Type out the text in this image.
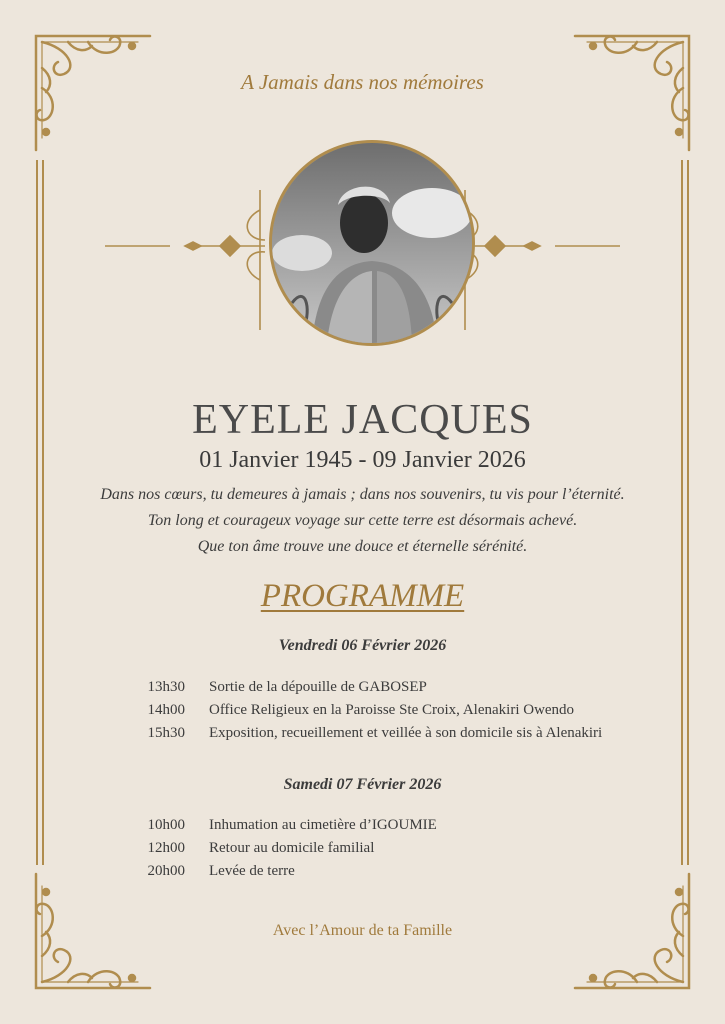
A Jamais dans nos mémoires
EYELE JACQUES
01 Janvier 1945 - 09 Janvier 2026
Dans nos cœurs, tu demeures à jamais ; dans nos souvenirs, tu vis pour l’éternité.
Ton long et courageux voyage sur cette terre est désormais achevé.
Que ton âme trouve une douce et éternelle sérénité.
PROGRAMME
Vendredi 06 Février 2026
13h30 Sortie de la dépouille de GABOSEP
14h00 Office Religieux en la Paroisse Ste Croix, Alenakiri Owendo
15h30 Exposition, recueillement et veillée à son domicile sis à Alenakiri
Samedi 07 Février 2026
10h00 Inhumation au cimetière d’IGOUMIE
12h00 Retour au domicile familial
20h00 Levée de terre
Avec l’Amour de ta Famille
